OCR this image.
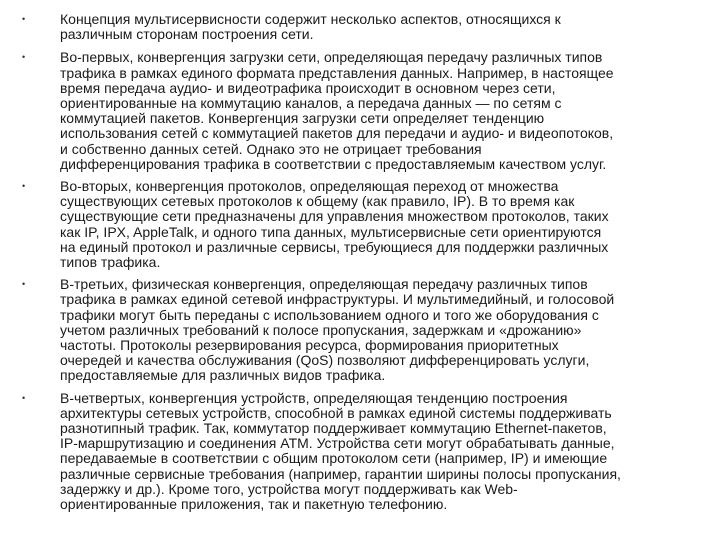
• Концепция мультисервисности содержит несколько аспектов, относящихся к
различным сторонам построения сети.
• Во-первых, конвергенция загрузки сети, определяющая передачу различных типов
трафика в рамках единого формата представления данных. Например, в настоящее
время передача аудио- и видеотрафика происходит в основном через сети,
ориентированные на коммутацию каналов, а передача данных — по сетям с
коммутацией пакетов. Конвергенция загрузки сети определяет тенденцию
использования сетей с коммутацией пакетов для передачи и аудио- и видеопотоков,
и собственно данных сетей. Однако это не отрицает требования
дифференцирования трафика в соответствии с предоставляемым качеством услуг.
• Во-вторых, конвергенция протоколов, определяющая переход от множества
существующих сетевых протоколов к общему (как правило, IP). В то время как
существующие сети предназначены для управления множеством протоколов, таких
как IP, IPX, AppleTalk, и одного типа данных, мультисервисные сети ориентируются
на единый протокол и различные сервисы, требующиеся для поддержки различных
типов трафика.
• В-третьих, физическая конвергенция, определяющая передачу различных типов
трафика в рамках единой сетевой инфраструктуры. И мультимедийный, и голосовой
трафики могут быть переданы с использованием одного и того же оборудования с
учетом различных требований к полосе пропускания, задержкам и «дрожанию»
частоты. Протоколы резервирования ресурса, формирования приоритетных
очередей и качества обслуживания (QoS) позволяют дифференцировать услуги,
предоставляемые для различных видов трафика.
• В-четвертых, конвергенция устройств, определяющая тенденцию построения
архитектуры сетевых устройств, способной в рамках единой системы поддерживать
разнотипный трафик. Так, коммутатор поддерживает коммутацию Ethernet-пакетов,
IP-маршрутизацию и соединения ATM. Устройства сети могут обрабатывать данные,
передаваемые в соответствии с общим протоколом сети (например, IP) и имеющие
различные сервисные требования (например, гарантии ширины полосы пропускания,
задержку и др.). Кроме того, устройства могут поддерживать как Web-
ориентированные приложения, так и пакетную телефонию.
